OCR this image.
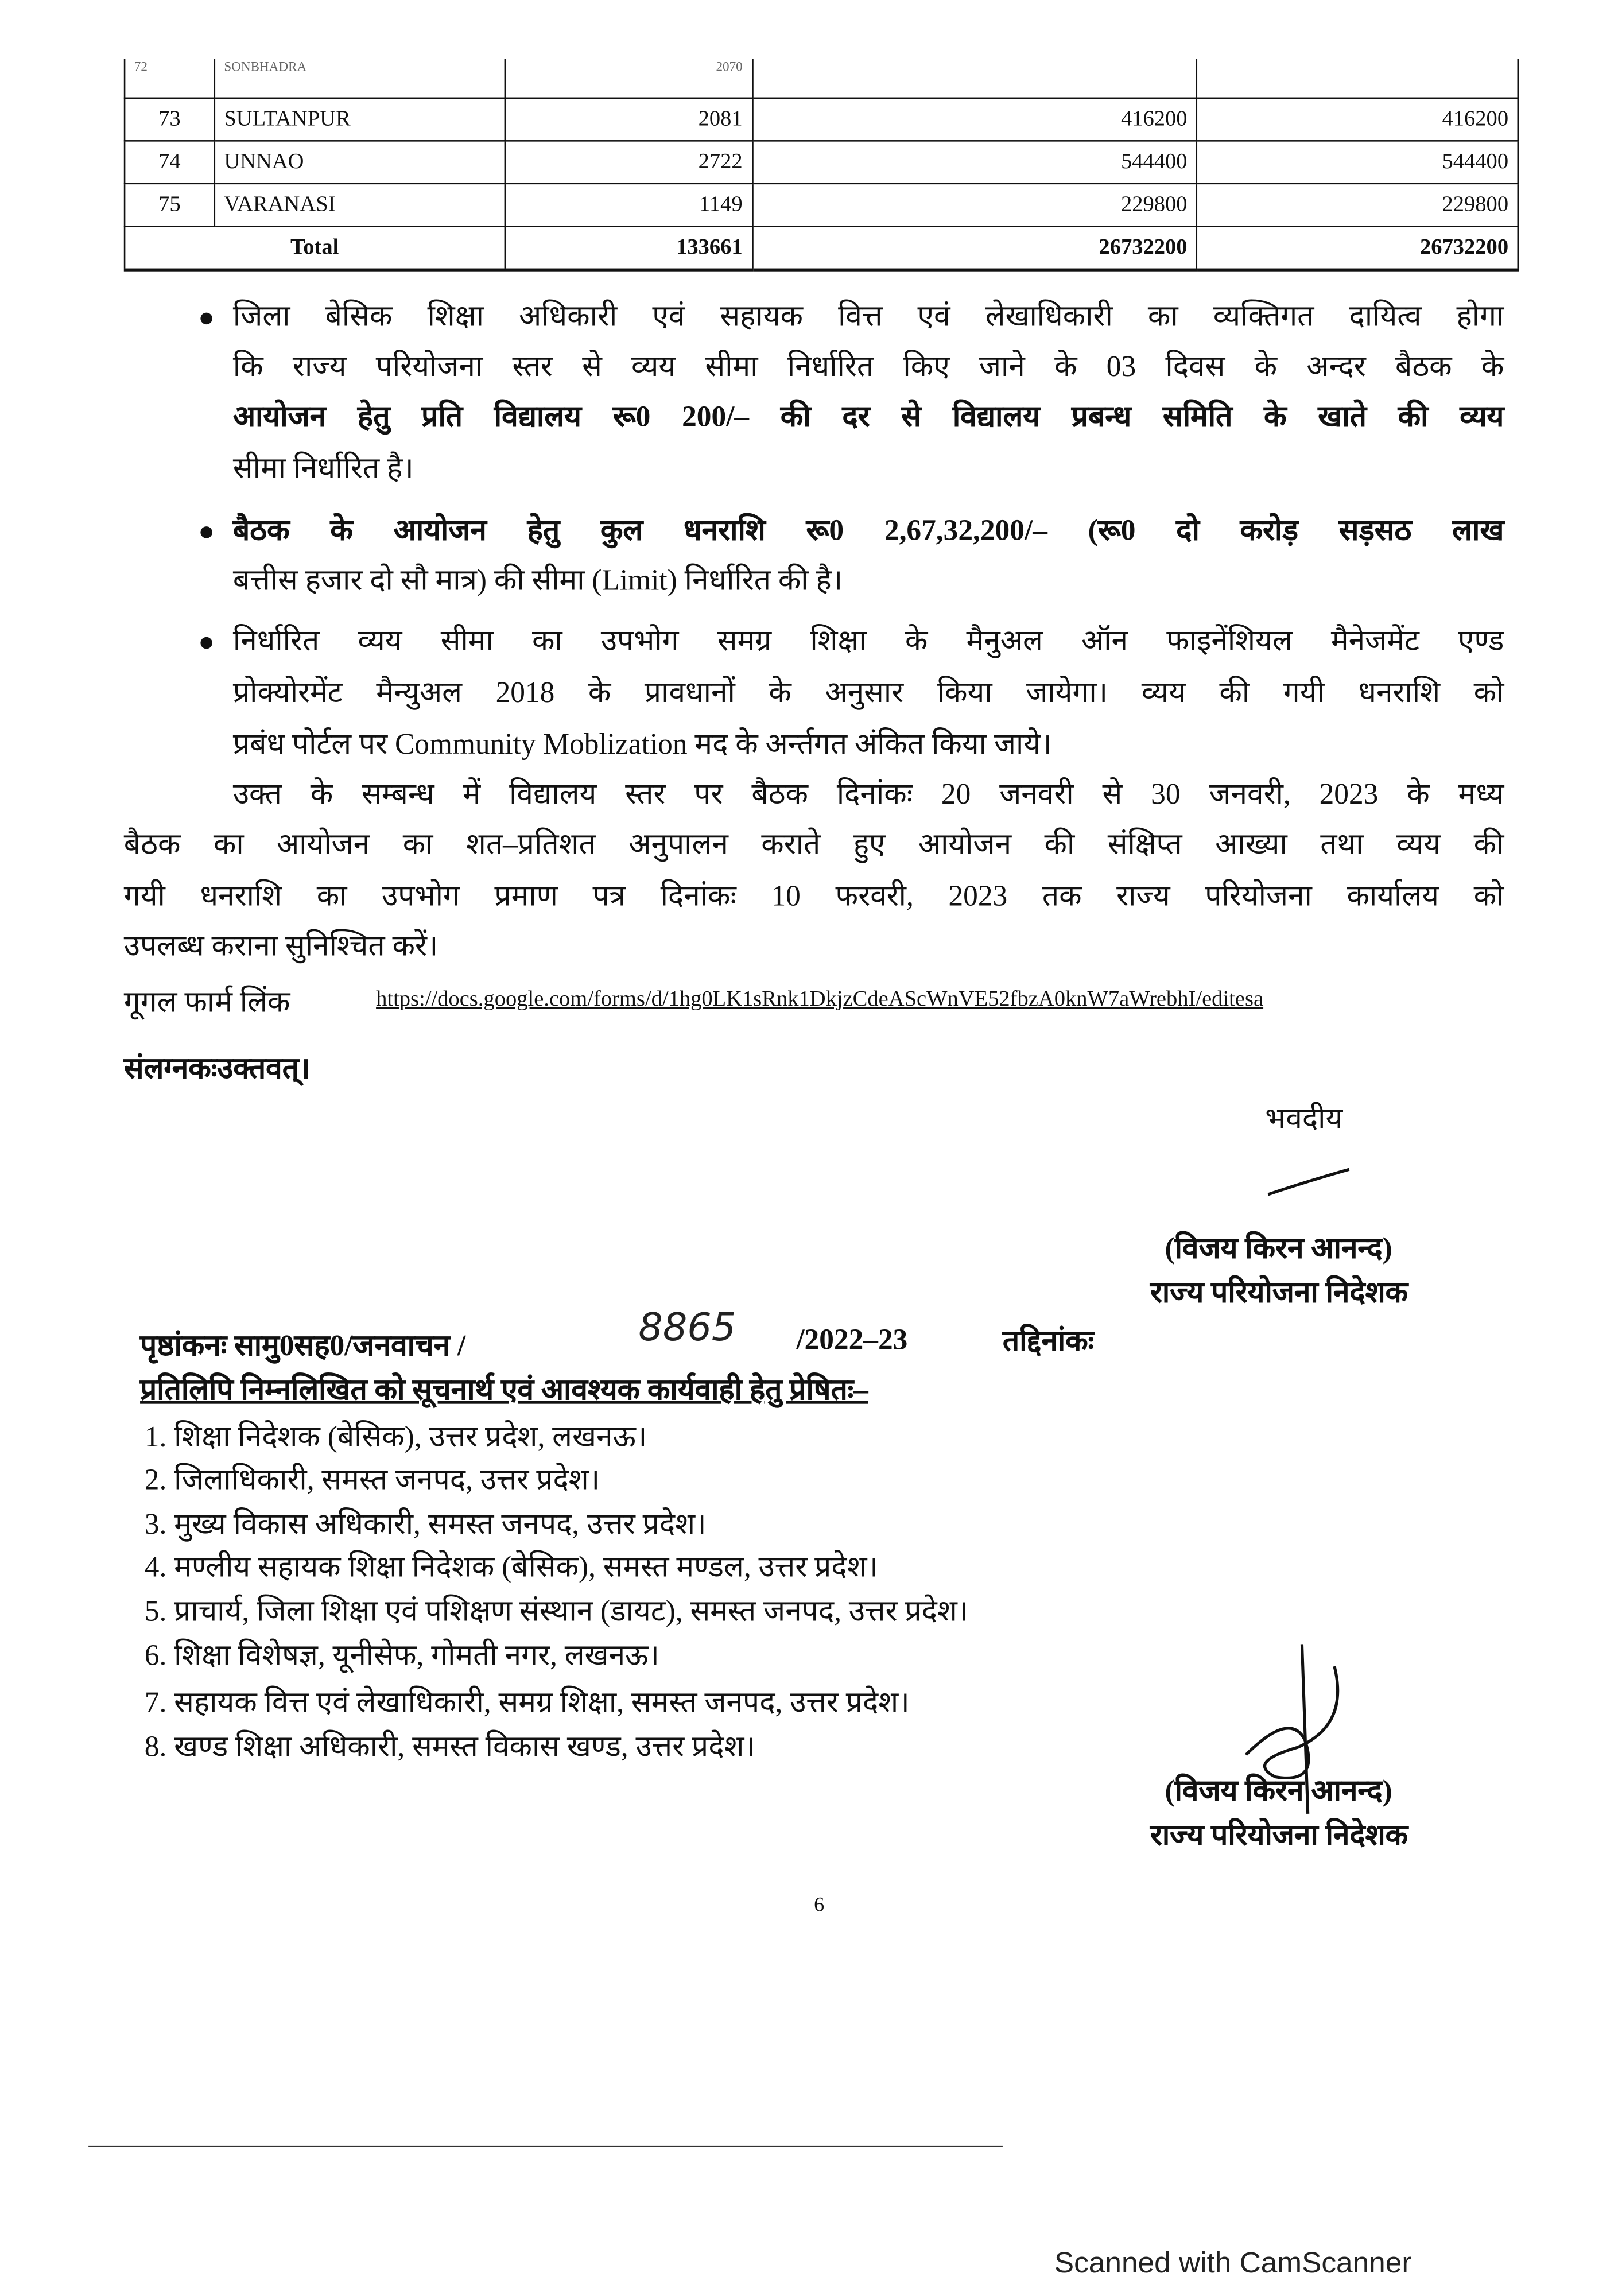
72	SONBHADRA	2070		
73	SULTANPUR	2081	416200	416200
74	UNNAO	2722	544400	544400
75	VARANASI	1149	229800	229800
Total		133661	26732200	26732200
जिला बेसिक शिक्षा अधिकारी एवं सहायक वित्त एवं लेखाधिकारी का व्यक्तिगत दायित्व होगा
कि राज्य परियोजना स्तर से व्यय सीमा निर्धारित किए जाने के 03 दिवस के अन्दर बैठक के
आयोजन हेतु प्रति विद्यालय रू0 200/– की दर से विद्यालय प्रबन्ध समिति के खाते की व्यय
सीमा निर्धारित है।
बैठक के आयोजन हेतु कुल धनराशि रू0 2,67,32,200/– (रू0 दो करोड़ सड़सठ लाख
बत्तीस हजार दो सौ मात्र) की सीमा (Limit) निर्धारित की है।
निर्धारित व्यय सीमा का उपभोग समग्र शिक्षा के मैनुअल ऑन फाइनेंशियल मैनेजमेंट एण्ड
प्रोक्योरमेंट मैन्युअल 2018 के प्रावधानों के अनुसार किया जायेगा। व्यय की गयी धनराशि को
प्रबंध पोर्टल पर Community Moblization मद के अर्न्तगत अंकित किया जाये।
उक्त के सम्बन्ध में विद्यालय स्तर पर बैठक दिनांकः 20 जनवरी से 30 जनवरी, 2023 के मध्य
बैठक का आयोजन का शत–प्रतिशत अनुपालन कराते हुए आयोजन की संक्षिप्त आख्या तथा व्यय की
गयी धनराशि का उपभोग प्रमाण पत्र दिनांकः 10 फरवरी, 2023 तक राज्य परियोजना कार्यालय को
उपलब्ध कराना सुनिश्चित करें।
गूगल फार्म लिंक	https://docs.google.com/forms/d/1hg0LK1sRnk1DkjzCdeAScWnVE52fbzA0knW7aWrebhI/editesa
संलग्नकःउक्तवत्।
भवदीय
(विजय किरन आनन्द)
राज्य परियोजना निदेशक
पृष्ठांकनः सामु0सह0/जनवाचन /	8865	/2022–23	तद्दिनांकः
प्रतिलिपि निम्नलिखित को सूचनार्थ एवं आवश्यक कार्यवाही हेतु प्रेषितः–
1. शिक्षा निदेशक (बेसिक), उत्तर प्रदेश, लखनऊ।
2. जिलाधिकारी, समस्त जनपद, उत्तर प्रदेश।
3. मुख्य विकास अधिकारी, समस्त जनपद, उत्तर प्रदेश।
4. मण्लीय सहायक शिक्षा निदेशक (बेसिक), समस्त मण्डल, उत्तर प्रदेश।
5. प्राचार्य, जिला शिक्षा एवं पशिक्षण संस्थान (डायट), समस्त जनपद, उत्तर प्रदेश।
6. शिक्षा विशेषज्ञ, यूनीसेफ, गोमती नगर, लखनऊ।
7. सहायक वित्त एवं लेखाधिकारी, समग्र शिक्षा, समस्त जनपद, उत्तर प्रदेश।
8. खण्ड शिक्षा अधिकारी, समस्त विकास खण्ड, उत्तर प्रदेश।
(विजय किरन आनन्द)
राज्य परियोजना निदेशक
6
Scanned with CamScanner
